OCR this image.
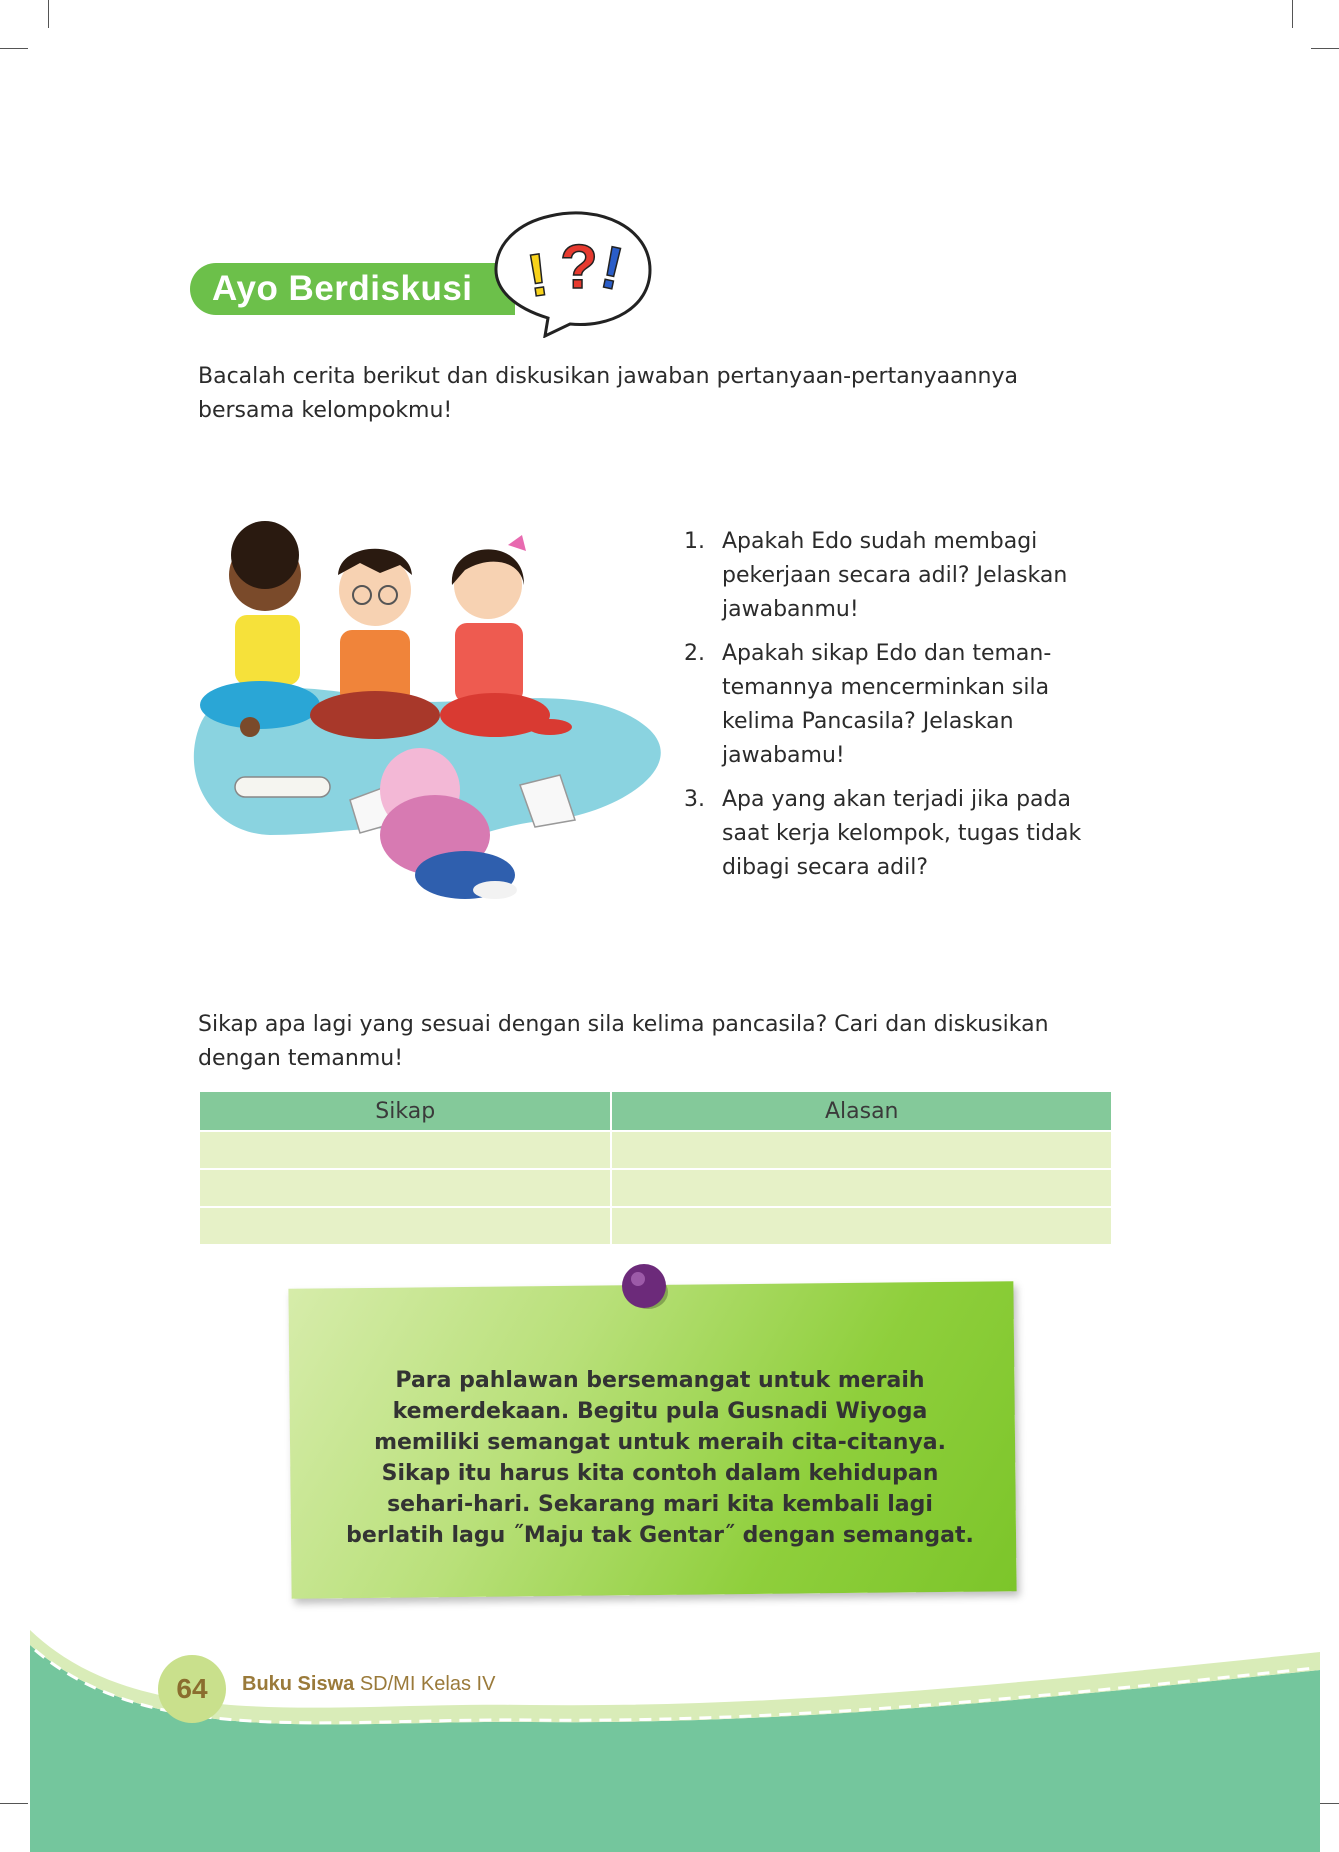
Ayo Berdiskusi ! ?
!
Bacalah cerita berikut dan diskusikan jawaban pertanyaan-pertanyaannya bersama kelompokmu!
1. Apakah Edo sudah membagi pekerjaan secara adil? Jelaskan jawabanmu!
2. Apakah sikap Edo dan teman-temannya mencerminkan sila kelima Pancasila? Jelaskan jawabamu!
3. Apa yang akan terjadi jika pada saat kerja kelompok, tugas tidak dibagi secara adil?
Sikap apa lagi yang sesuai dengan sila kelima pancasila? Cari dan diskusikan dengan temanmu!
Sikap	Alasan

Para pahlawan bersemangat untuk meraih kemerdekaan. Begitu pula Gusnadi Wiyoga memiliki semangat untuk meraih cita-citanya. Sikap itu harus kita contoh dalam kehidupan sehari-hari. Sekarang mari kita kembali lagi berlatih lagu ˝Maju tak Gentar˝ dengan semangat.
64	Buku Siswa SD/MI Kelas IV
